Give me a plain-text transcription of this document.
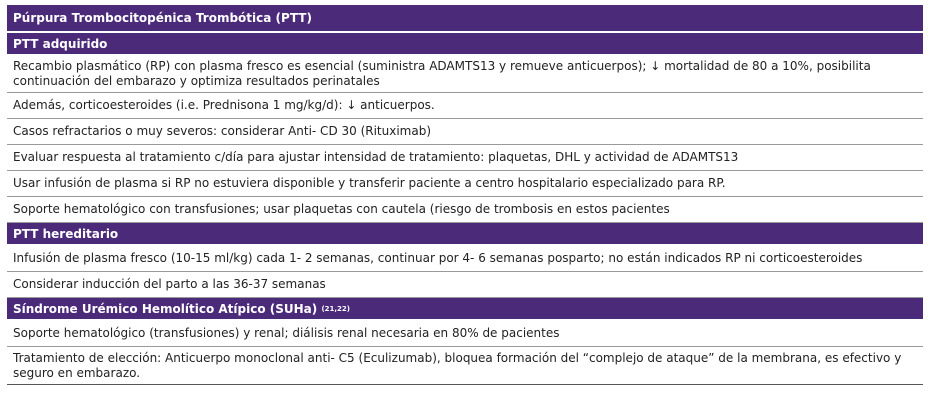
Púrpura Trombocitopénica Trombótica (PTT)
PTT adquirido
Recambio plasmático (RP) con plasma fresco es esencial (suministra ADAMTS13 y remueve anticuerpos); ↓ mortalidad de 80 a 10%, posibilita continuación del embarazo y optimiza resultados perinatales
Además, corticoesteroides (i.e. Prednisona 1 mg/kg/d): ↓ anticuerpos.
Casos refractarios o muy severos: considerar Anti- CD 30 (Rituximab)
Evaluar respuesta al tratamiento c/día para ajustar intensidad de tratamiento: plaquetas, DHL y actividad de ADAMTS13
Usar infusión de plasma si RP no estuviera disponible y transferir paciente a centro hospitalario especializado para RP.
Soporte hematológico con transfusiones; usar plaquetas con cautela (riesgo de trombosis en estos pacientes
PTT hereditario
Infusión de plasma fresco (10-15 ml/kg) cada 1- 2 semanas, continuar por 4- 6 semanas posparto; no están indicados RP ni corticoesteroides
Considerar inducción del parto a las 36-37 semanas
Síndrome Urémico Hemolítico Atípico (SUHa)
(21,22)
Soporte hematológico (transfusiones) y renal; diálisis renal necesaria en 80% de pacientes
Tratamiento de elección: Anticuerpo monoclonal anti- C5 (Eculizumab), bloquea formación del “complejo de ataque” de la membrana, es efectivo y seguro en embarazo.
